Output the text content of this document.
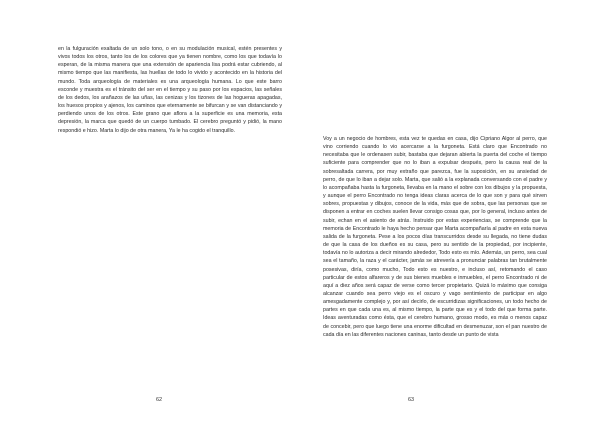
en la fulguración exaltada de un solo tono, o en su modulación musical, estén presentes y vivos todos los otros, tanto los de los colores que ya tienen nombre, como los que todavía lo esperan, de la misma manera que una extensión de apariencia lisa podrá estar cubriendo, al mismo tiempo que las manifiesta, las huellas de todo lo vivido y acontecido en la historia del mundo. Toda arqueología de materiales es una arqueología humana. Lo que este barro esconde y muestra es el tránsito del ser en el tiempo y su paso por los espacios, las señales de los dedos, los arañazos de las uñas, las cenizas y los tizones de las hogueras apagadas, los huesos propios y ajenos, los caminos que eternamente se bifurcan y se van distanciando y perdiendo unos de los otros. Este grano que aflora a la superficie es una memoria, esta depresión, la marca que quedó de un cuerpo tumbado. El cerebro preguntó y pidió, la mano respondió e hizo. Marta lo dijo de otra manera, Ya le ha cogido el tranquillo.

62

Voy a un negocio de hombres, esta vez te quedas en casa, dijo Cipriano Algor al perro, que vino corriendo cuando lo vio acercarse a la furgoneta. Está claro que Encontrado no necesitaba que le ordenasen subir, bastaba que dejaran abierta la puerta del coche el tiempo suficiente para comprender que no lo iban a expulsar después, pero la causa real de la sobresaltada carrera, por muy extraño que parezca, fue la suposición, en su ansiedad de perro, de que lo iban a dejar solo. Marta, que salió a la explanada conversando con el padre y lo acompañaba hasta la furgoneta, llevaba en la mano el sobre con los dibujos y la propuesta, y aunque el perro Encontrado no tenga ideas claras acerca de lo que son y para qué sirven sobres, propuestas y dibujos, conoce de la vida, más que de sobra, que las personas que se disponen a entrar en coches suelen llevar consigo cosas que, por lo general, incluso antes de subir, echan en el asiento de atrás. Instruido por estas experiencias, se comprende que la memoria de Encontrado le haya hecho pensar que Marta acompañaría al padre en esta nueva salida de la furgoneta. Pese a los pocos días transcurridos desde su llegada, no tiene dudas de que la casa de los dueños es su casa, pero su sentido de la propiedad, por incipiente, todavía no lo autoriza a decir mirando alrededor, Todo esto es mío. Además, un perro, sea cual sea el tamaño, la raza y el carácter, jamás se atrevería a pronunciar palabras tan brutalmente posesivas, diría, como mucho, Todo esto es nuestro, e incluso así, retomando el caso particular de estos alfareros y de sus bienes muebles e inmuebles, el perro Encontrado ni de aquí a diez años será capaz de verse como tercer propietario. Quizá lo máximo que consiga alcanzar cuando sea perro viejo es el oscuro y vago sentimiento de participar en algo amesgadamente complejo y, por así decirlo, de escurridizas significaciones, un todo hecho de partes en que cada una es, al mismo tiempo, la parte que es y el todo del que forma parte. Ideas aventuradas como ésta, que el cerebro humano, grosso modo, es más o menos capaz de concebir, pero que luego tiene una enorme dificultad en desmenuzar, son el pan nuestro de cada día en las diferentes naciones caninas, tanto desde un punto de vista

63
